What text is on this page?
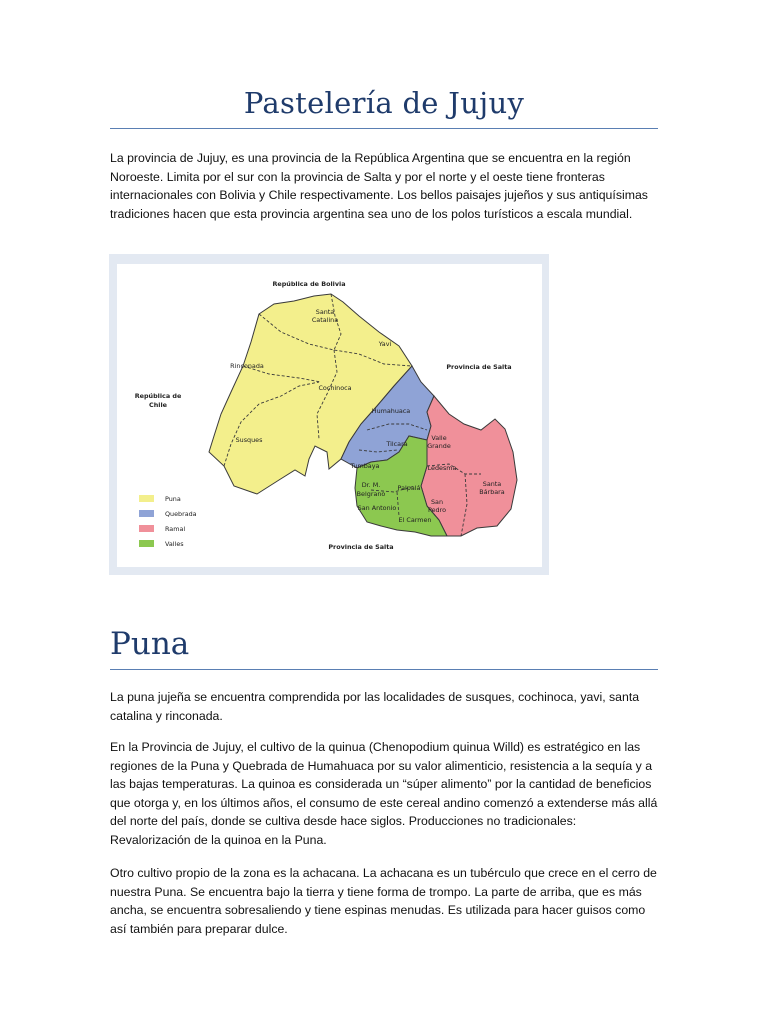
Pastelería de Jujuy

La provincia de Jujuy, es una provincia de la República Argentina que se encuentra en la región Noroeste. Limita por el sur con la provincia de Salta y por el norte y el oeste tiene fronteras internacionales con Bolivia y Chile respectivamente. Los bellos paisajes jujeños y sus antiquísimas tradiciones hacen que esta provincia argentina sea uno de los polos turísticos a escala mundial.

Santa
Catalina
Yavi
Rinconada
Cochinoca
Susques
Humahuaca
Tilcara
Tumbaya
Valle
Grande
Ledesma
Santa
Bárbara
Dr. M.
Belgrano
Palpalá
San Antonio
El Carmen
San
Pedro
República de Bolivia
República de
Chile
Provincia de Salta
Provincia de Salta
Puna
Quebrada
Ramal
Valles
Puna

La puna jujeña se encuentra comprendida por las localidades de susques, cochinoca, yavi, santa catalina y rinconada.

En la Provincia de Jujuy, el cultivo de la quinua (Chenopodium quinua Willd) es estratégico en las regiones de la Puna y Quebrada de Humahuaca por su valor alimenticio, resistencia a la sequía y a las bajas temperaturas. La quinoa es considerada un “súper alimento” por la cantidad de beneficios que otorga y, en los últimos años, el consumo de este cereal andino comenzó a extenderse más allá del norte del país, donde se cultiva desde hace siglos. Producciones no tradicionales: Revalorización de la quinoa en la Puna.

Otro cultivo propio de la zona es la achacana. La achacana es un tubérculo que crece en el cerro de nuestra Puna. Se encuentra bajo la tierra y tiene forma de trompo. La parte de arriba, que es más ancha, se encuentra sobresaliendo y tiene espinas menudas. Es utilizada para hacer guisos como así también para preparar dulce.
